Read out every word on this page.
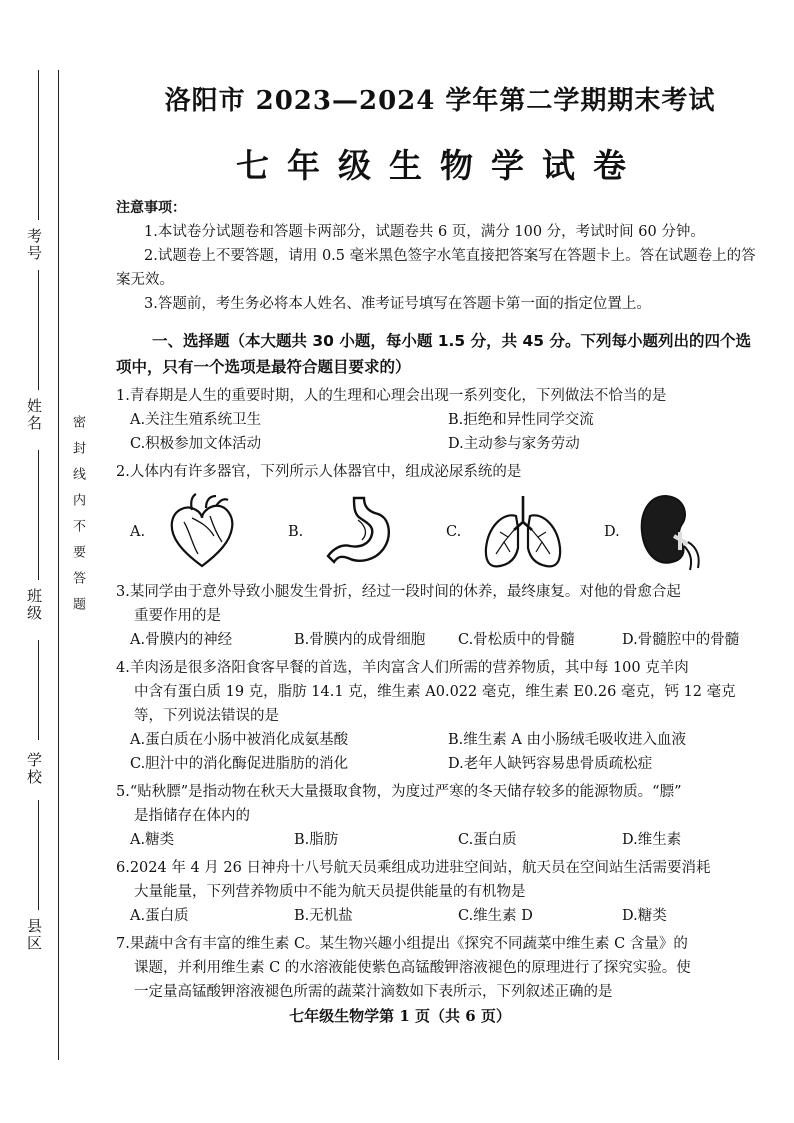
考号
姓名
班级
学校
县区
密封线内不要答题
洛阳市 2023—2024 学年第二学期期末考试
七年级生物学试卷
注意事项：
1.本试卷分试题卷和答题卡两部分，试题卷共 6 页，满分 100 分，考试时间 60 分钟。
2.试题卷上不要答题，请用 0.5 毫米黑色签字水笔直接把答案写在答题卡上。答在试题卷上的答案无效。
3.答题前，考生务必将本人姓名、准考证号填写在答题卡第一面的指定位置上。
一、选择题（本大题共 30 小题，每小题 1.5 分，共 45 分。下列每小题列出的四个选项中，只有一个选项是最符合题目要求的）
1.青春期是人生的重要时期，人的生理和心理会出现一系列变化，下列做法不恰当的是
A.关注生殖系统卫生	B.拒绝和异性同学交流
C.积极参加文体活动	D.主动参与家务劳动
2.人体内有许多器官，下列所示人体器官中，组成泌尿系统的是
A.	B.	C.	D.
3.某同学由于意外导致小腿发生骨折，经过一段时间的休养，最终康复。对他的骨愈合起
重要作用的是
A.骨膜内的神经	B.骨膜内的成骨细胞	C.骨松质中的骨髓	D.骨髓腔中的骨髓
4.羊肉汤是很多洛阳食客早餐的首选，羊肉富含人们所需的营养物质，其中每 100 克羊肉
中含有蛋白质 19 克，脂肪 14.1 克，维生素 A0.022 毫克，维生素 E0.26 毫克，钙 12 毫克
等，下列说法错误的是
A.蛋白质在小肠中被消化成氨基酸	B.维生素 A 由小肠绒毛吸收进入血液
C.胆汁中的消化酶促进脂肪的消化	D.老年人缺钙容易患骨质疏松症
5.“贴秋膘”是指动物在秋天大量摄取食物，为度过严寒的冬天储存较多的能源物质。“膘”
是指储存在体内的
A.糖类	B.脂肪	C.蛋白质	D.维生素
6.2024 年 4 月 26 日神舟十八号航天员乘组成功进驻空间站，航天员在空间站生活需要消耗
大量能量，下列营养物质中不能为航天员提供能量的有机物是
A.蛋白质	B.无机盐	C.维生素 D	D.糖类
7.果蔬中含有丰富的维生素 C。某生物兴趣小组提出《探究不同蔬菜中维生素 C 含量》的
课题，并利用维生素 C 的水溶液能使紫色高锰酸钾溶液褪色的原理进行了探究实验。使
一定量高锰酸钾溶液褪色所需的蔬菜汁滴数如下表所示，下列叙述正确的是
七年级生物学第 1 页（共 6 页）
